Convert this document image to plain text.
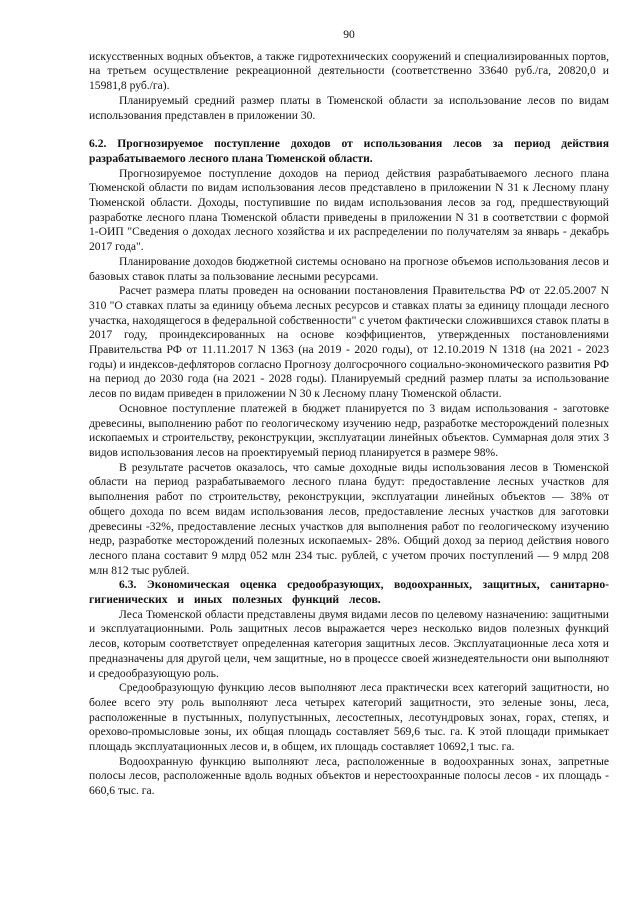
90

искусственных водных объектов, а также гидротехнических сооружений и специализированных портов, на третьем осуществление рекреационной деятельности (соответственно 33640 руб./га, 20820,0 и 15981,8 руб./га).

Планируемый средний размер платы в Тюменской области за использование лесов по видам использования представлен в приложении 30.

6.2. Прогнозируемое поступление доходов от использования лесов за период действия разрабатываемого лесного плана Тюменской области.

Прогнозируемое поступление доходов на период действия разрабатываемого лесного плана Тюменской области по видам использования лесов представлено в приложении N 31 к Лесному плану Тюменской области. Доходы, поступившие по видам использования лесов за год, предшествующий разработке лесного плана Тюменской области приведены в приложении N 31 в соответствии с формой 1-ОИП "Сведения о доходах лесного хозяйства и их распределении по получателям за январь - декабрь 2017 года".

Планирование доходов бюджетной системы основано на прогнозе объемов использования лесов и базовых ставок платы за пользование лесными ресурсами.

Расчет размера платы проведен на основании постановления Правительства РФ от 22.05.2007 N 310 "О ставках платы за единицу объема лесных ресурсов и ставках платы за единицу площади лесного участка, находящегося в федеральной собственности" с учетом фактически сложившихся ставок платы в 2017 году, проиндексированных на основе коэффициентов, утвержденных постановлениями Правительства РФ от 11.11.2017 N 1363 (на 2019 - 2020 годы), от 12.10.2019 N 1318 (на 2021 - 2023 годы) и индексов-дефляторов согласно Прогнозу долгосрочного социально-экономического развития РФ на период до 2030 года (на 2021 - 2028 годы). Планируемый средний размер платы за использование лесов по видам приведен в приложении N 30 к Лесному плану Тюменской области.

Основное поступление платежей в бюджет планируется по 3 видам использования - заготовке древесины, выполнению работ по геологическому изучению недр, разработке месторождений полезных ископаемых и строительству, реконструкции, эксплуатации линейных объектов. Суммарная доля этих 3 видов использования лесов на проектируемый период планируется в размере 98%.

В результате расчетов оказалось, что самые доходные виды использования лесов в Тюменской области на период разрабатываемого лесного плана будут: предоставление лесных участков для выполнения работ по строительству, реконструкции, эксплуатации линейных объектов — 38% от общего дохода по всем видам использования лесов, предоставление лесных участков для заготовки древесины -32%, предоставление лесных участков для выполнения работ по геологическому изучению недр, разработке месторождений полезных ископаемых- 28%. Общий доход за период действия нового лесного плана составит 9 млрд 052 млн 234 тыс. рублей, с учетом прочих поступлений — 9 млрд 208 млн 812 тыс рублей.

6.3. Экономическая оценка средообразующих, водоохранных, защитных, санитарно-гигиенических и иных полезных функций лесов.

Леса Тюменской области представлены двумя видами лесов по целевому назначению: защитными и эксплуатационными. Роль защитных лесов выражается через несколько видов полезных функций лесов, которым соответствует определенная категория защитных лесов. Эксплуатационные леса хотя и предназначены для другой цели, чем защитные, но в процессе своей жизнедеятельности они выполняют и средообразующую роль.

Средообразующую функцию лесов выполняют леса практически всех категорий защитности, но более всего эту роль выполняют леса четырех категорий защитности, это зеленые зоны, леса, расположенные в пустынных, полупустынных, лесостепных, лесотундровых зонах, горах, степях, и орехово-промысловые зоны, их общая площадь составляет 569,6 тыс. га. К этой площади примыкает площадь эксплуатационных лесов и, в общем, их площадь составляет 10692,1 тыс. га.

Водоохранную функцию выполняют леса, расположенные в водоохранных зонах, запретные полосы лесов, расположенные вдоль водных объектов и нерестоохранные полосы лесов - их площадь - 660,6 тыс. га.
